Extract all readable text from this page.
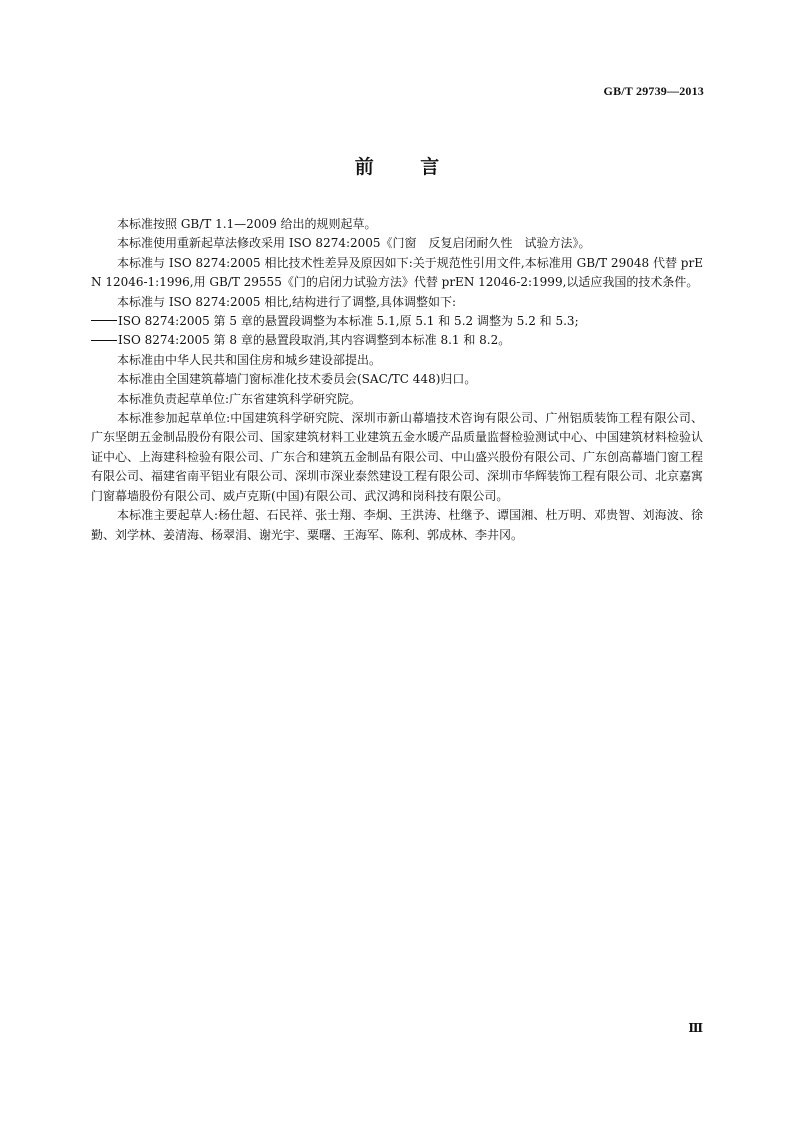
GB/T 29739—2013
前 言

本标准按照 GB/T 1.1—2009 给出的规则起草。

本标准使用重新起草法修改采用 ISO 8274:2005《门窗　反复启闭耐久性　试验方法》。

本标准与 ISO 8274:2005 相比技术性差异及原因如下:关于规范性引用文件,本标准用 GB/T 29048 代替 prEN 12046-1:1996,用 GB/T 29555《门的启闭力试验方法》代替 prEN 12046-2:1999,以适应我国的技术条件。

本标准与 ISO 8274:2005 相比,结构进行了调整,具体调整如下:

ISO 8274:2005 第 5 章的悬置段调整为本标准 5.1,原 5.1 和 5.2 调整为 5.2 和 5.3;

ISO 8274:2005 第 8 章的悬置段取消,其内容调整到本标准 8.1 和 8.2。

本标准由中华人民共和国住房和城乡建设部提出。

本标准由全国建筑幕墙门窗标准化技术委员会(SAC/TC 448)归口。

本标准负责起草单位:广东省建筑科学研究院。

本标准参加起草单位:中国建筑科学研究院、深圳市新山幕墙技术咨询有限公司、广州铝质装饰工程有限公司、广东坚朗五金制品股份有限公司、国家建筑材料工业建筑五金水暖产品质量监督检验测试中心、中国建筑材料检验认证中心、上海建科检验有限公司、广东合和建筑五金制品有限公司、中山盛兴股份有限公司、广东创高幕墙门窗工程有限公司、福建省南平铝业有限公司、深圳市深业泰然建设工程有限公司、深圳市华辉装饰工程有限公司、北京嘉寓门窗幕墙股份有限公司、威卢克斯(中国)有限公司、武汉鸿和岗科技有限公司。

本标准主要起草人:杨仕超、石民祥、张士翔、李炯、王洪涛、杜继予、谭国湘、杜万明、邓贵智、刘海波、徐勤、刘学林、姜清海、杨翠涓、谢光宇、粟曙、王海军、陈利、郭成林、李井冈。

Ⅲ
